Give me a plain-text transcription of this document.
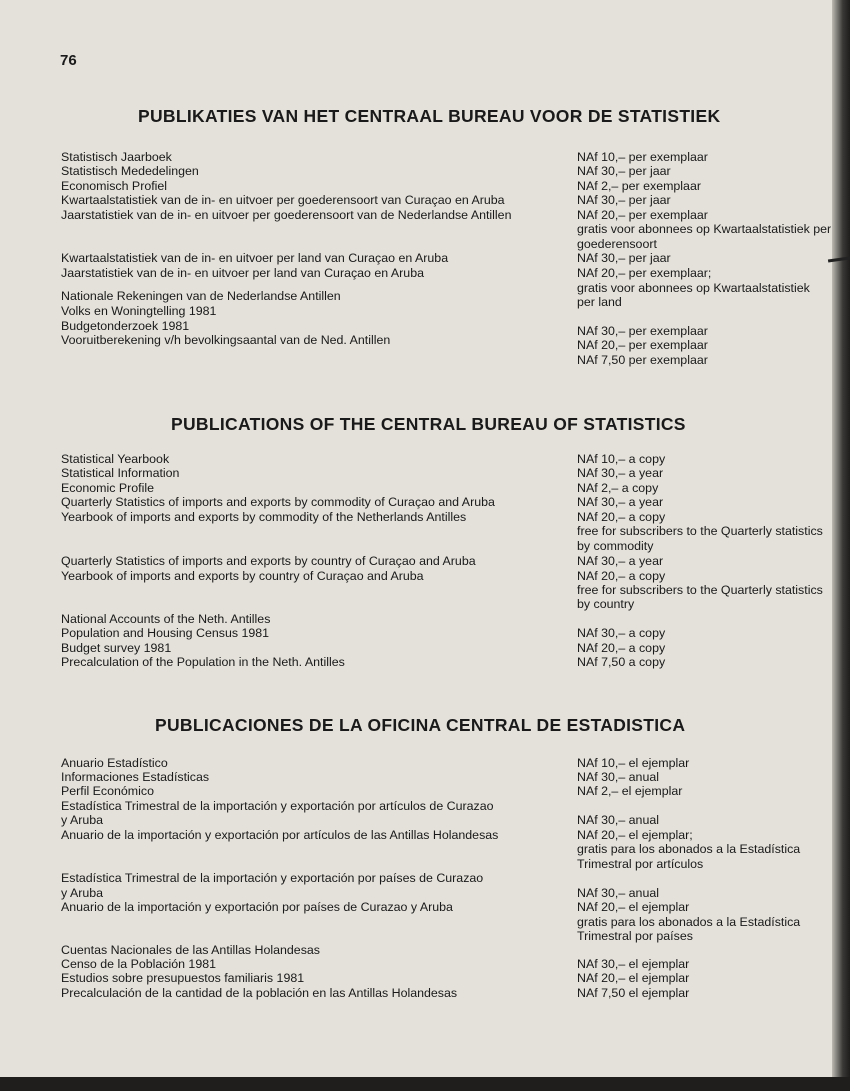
76
PUBLIKATIES VAN HET CENTRAAL BUREAU VOOR DE STATISTIEK
Statistisch Jaarboek
Statistisch Mededelingen
Economisch Profiel
Kwartaalstatistiek van de in- en uitvoer per goederensoort van Curaçao en Aruba
Jaarstatistiek van de in- en uitvoer per goederensoort van de Nederlandse Antillen
Kwartaalstatistiek van de in- en uitvoer per land van Curaçao en Aruba
Jaarstatistiek van de in- en uitvoer per land van Curaçao en Aruba
Nationale Rekeningen van de Nederlandse Antillen
Volks en Woningtelling 1981
Budgetonderzoek 1981
Vooruitberekening v/h bevolkingsaantal van de Ned. Antillen
NAf 10,– per exemplaar
NAf 30,– per jaar
NAf 2,– per exemplaar
NAf 30,– per jaar
NAf 20,– per exemplaar
gratis voor abonnees op Kwartaalstatistiek per
goederensoort
NAf 30,– per jaar
NAf 20,– per exemplaar;
gratis voor abonnees op Kwartaalstatistiek
per land
NAf 30,– per exemplaar
NAf 20,– per exemplaar
NAf 7,50 per exemplaar
PUBLICATIONS OF THE CENTRAL BUREAU OF STATISTICS
Statistical Yearbook
Statistical Information
Economic Profile
Quarterly Statistics of imports and exports by commodity of Curaçao and Aruba
Yearbook of imports and exports by commodity of the Netherlands Antilles
Quarterly Statistics of imports and exports by country of Curaçao and Aruba
Yearbook of imports and exports by country of Curaçao and Aruba
National Accounts of the Neth. Antilles
Population and Housing Census 1981
Budget survey 1981
Precalculation of the Population in the Neth. Antilles
NAf 10,– a copy
NAf 30,– a year
NAf 2,– a copy
NAf 30,– a year
NAf 20,– a copy
free for subscribers to the Quarterly statistics
by commodity
NAf 30,– a year
NAf 20,– a copy
free for subscribers to the Quarterly statistics
by country
NAf 30,– a copy
NAf 20,– a copy
NAf 7,50 a copy
PUBLICACIONES DE LA OFICINA CENTRAL DE ESTADISTICA
Anuario Estadístico
Informaciones Estadísticas
Perfil Económico
Estadística Trimestral de la importación y exportación por artículos de Curazao
y Aruba
Anuario de la importación y exportación por artículos de las Antillas Holandesas
Estadística Trimestral de la importación y exportación por países de Curazao
y Aruba
Anuario de la importación y exportación por países de Curazao y Aruba
Cuentas Nacionales de las Antillas Holandesas
Censo de la Población 1981
Estudios sobre presupuestos familiaris 1981
Precalculación de la cantidad de la población en las Antillas Holandesas
NAf 10,– el ejemplar
NAf 30,– anual
NAf 2,– el ejemplar
NAf 30,– anual
NAf 20,– el ejemplar;
gratis para los abonados a la Estadística
Trimestral por artículos
NAf 30,– anual
NAf 20,– el ejemplar
gratis para los abonados a la Estadística
Trimestral por países
NAf 30,– el ejemplar
NAf 20,– el ejemplar
NAf 7,50 el ejemplar
